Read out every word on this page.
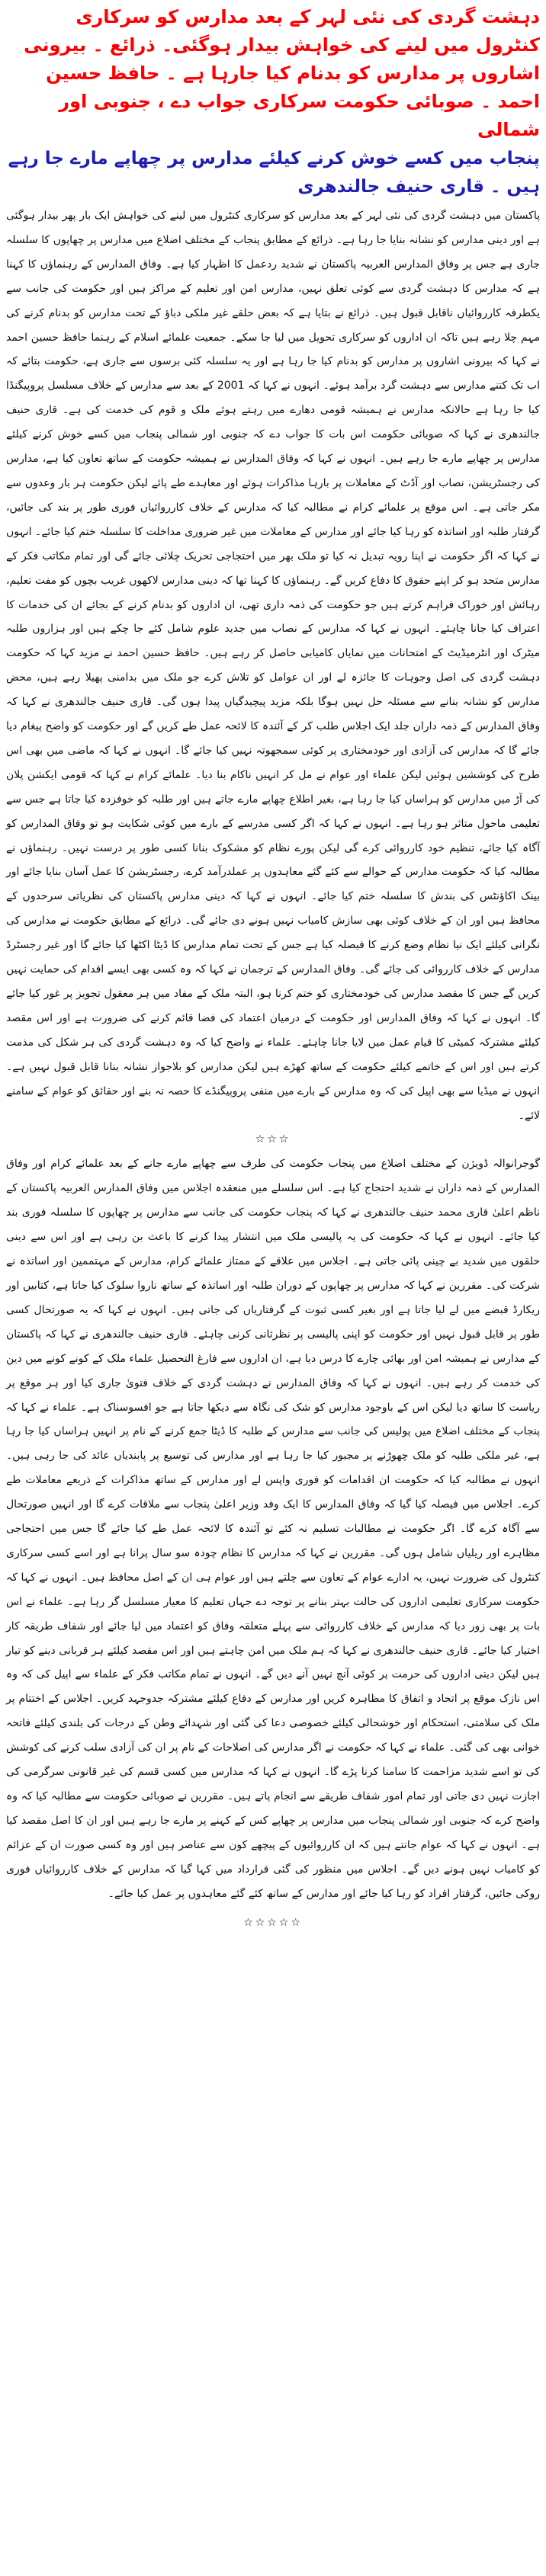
دہشت گردی کی نئی لہر کے بعد مدارس کو سرکاری کنٹرول میں لینے کی خواہش بیدار ہوگئی۔ ذرائع ۔ بیرونی
اشاروں پر مدارس کو بدنام کیا جارہا ہے ۔ حافظ حسین احمد ۔ صوبائی حکومت سرکاری جواب دے ، جنوبی اور شمالی
پنجاب میں کسے خوش کرنے کیلئے مدارس پر چھاپے مارے جا رہے ہیں ۔ قاری حنیف جالندھری

پاکستان میں دہشت گردی کی نئی لہر کے بعد مدارس کو سرکاری کنٹرول میں لینے کی خواہش ایک بار پھر بیدار ہوگئی ہے اور دینی مدارس کو نشانہ بنایا جا رہا ہے۔ ذرائع کے مطابق پنجاب کے مختلف اضلاع میں مدارس پر چھاپوں کا سلسلہ جاری ہے جس پر وفاق المدارس العربیہ پاکستان نے شدید ردعمل کا اظہار کیا ہے۔ وفاق المدارس کے رہنماؤں کا کہنا ہے کہ مدارس کا دہشت گردی سے کوئی تعلق نہیں، مدارس امن اور تعلیم کے مراکز ہیں اور حکومت کی جانب سے یکطرفہ کارروائیاں ناقابل قبول ہیں۔ ذرائع نے بتایا ہے کہ بعض حلقے غیر ملکی دباؤ کے تحت مدارس کو بدنام کرنے کی مہم چلا رہے ہیں تاکہ ان اداروں کو سرکاری تحویل میں لیا جا سکے۔ جمعیت علمائے اسلام کے رہنما حافظ حسین احمد نے کہا کہ بیرونی اشاروں پر مدارس کو بدنام کیا جا رہا ہے اور یہ سلسلہ کئی برسوں سے جاری ہے، حکومت بتائے کہ اب تک کتنے مدارس سے دہشت گرد برآمد ہوئے۔ انہوں نے کہا کہ 2001 کے بعد سے مدارس کے خلاف مسلسل پروپیگنڈا کیا جا رہا ہے حالانکہ مدارس نے ہمیشہ قومی دھارے میں رہتے ہوئے ملک و قوم کی خدمت کی ہے۔ قاری حنیف جالندھری نے کہا کہ صوبائی حکومت اس بات کا جواب دے کہ جنوبی اور شمالی پنجاب میں کسے خوش کرنے کیلئے مدارس پر چھاپے مارے جا رہے ہیں۔ انہوں نے کہا کہ وفاق المدارس نے ہمیشہ حکومت کے ساتھ تعاون کیا ہے، مدارس کی رجسٹریشن، نصاب اور آڈٹ کے معاملات پر بارہا مذاکرات ہوئے اور معاہدے طے پائے لیکن حکومت ہر بار وعدوں سے مکر جاتی ہے۔ اس موقع پر علمائے کرام نے مطالبہ کیا کہ مدارس کے خلاف کارروائیاں فوری طور پر بند کی جائیں، گرفتار طلبہ اور اساتذہ کو رہا کیا جائے اور مدارس کے معاملات میں غیر ضروری مداخلت کا سلسلہ ختم کیا جائے۔ انہوں نے کہا کہ اگر حکومت نے اپنا رویہ تبدیل نہ کیا تو ملک بھر میں احتجاجی تحریک چلائی جائے گی اور تمام مکاتب فکر کے مدارس متحد ہو کر اپنے حقوق کا دفاع کریں گے۔ رہنماؤں کا کہنا تھا کہ دینی مدارس لاکھوں غریب بچوں کو مفت تعلیم، رہائش اور خوراک فراہم کرتے ہیں جو حکومت کی ذمہ داری تھی، ان اداروں کو بدنام کرنے کے بجائے ان کی خدمات کا اعتراف کیا جانا چاہئے۔ انہوں نے کہا کہ مدارس کے نصاب میں جدید علوم شامل کئے جا چکے ہیں اور ہزاروں طلبہ میٹرک اور انٹرمیڈیٹ کے امتحانات میں نمایاں کامیابی حاصل کر رہے ہیں۔ حافظ حسین احمد نے مزید کہا کہ حکومت دہشت گردی کی اصل وجوہات کا جائزہ لے اور ان عوامل کو تلاش کرے جو ملک میں بدامنی پھیلا رہے ہیں، محض مدارس کو نشانہ بنانے سے مسئلہ حل نہیں ہوگا بلکہ مزید پیچیدگیاں پیدا ہوں گی۔ قاری حنیف جالندھری نے کہا کہ وفاق المدارس کے ذمہ داران جلد ایک اجلاس طلب کر کے آئندہ کا لائحہ عمل طے کریں گے اور حکومت کو واضح پیغام دیا جائے گا کہ مدارس کی آزادی اور خودمختاری پر کوئی سمجھوتہ نہیں کیا جائے گا۔ انہوں نے کہا کہ ماضی میں بھی اس طرح کی کوششیں ہوئیں لیکن علماء اور عوام نے مل کر انہیں ناکام بنا دیا۔ علمائے کرام نے کہا کہ قومی ایکشن پلان کی آڑ میں مدارس کو ہراساں کیا جا رہا ہے، بغیر اطلاع چھاپے مارے جاتے ہیں اور طلبہ کو خوفزدہ کیا جاتا ہے جس سے تعلیمی ماحول متاثر ہو رہا ہے۔ انہوں نے کہا کہ اگر کسی مدرسے کے بارے میں کوئی شکایت ہو تو وفاق المدارس کو آگاہ کیا جائے، تنظیم خود کارروائی کرے گی لیکن پورے نظام کو مشکوک بنانا کسی طور پر درست نہیں۔ رہنماؤں نے مطالبہ کیا کہ حکومت مدارس کے حوالے سے کئے گئے معاہدوں پر عملدرآمد کرے، رجسٹریشن کا عمل آسان بنایا جائے اور بینک اکاؤنٹس کی بندش کا سلسلہ ختم کیا جائے۔ انہوں نے کہا کہ دینی مدارس پاکستان کی نظریاتی سرحدوں کے محافظ ہیں اور ان کے خلاف کوئی بھی سازش کامیاب نہیں ہونے دی جائے گی۔ ذرائع کے مطابق حکومت نے مدارس کی نگرانی کیلئے ایک نیا نظام وضع کرنے کا فیصلہ کیا ہے جس کے تحت تمام مدارس کا ڈیٹا اکٹھا کیا جائے گا اور غیر رجسٹرڈ مدارس کے خلاف کارروائی کی جائے گی۔ وفاق المدارس کے ترجمان نے کہا کہ وہ کسی بھی ایسے اقدام کی حمایت نہیں کریں گے جس کا مقصد مدارس کی خودمختاری کو ختم کرنا ہو، البتہ ملک کے مفاد میں ہر معقول تجویز پر غور کیا جائے گا۔ انہوں نے کہا کہ وفاق المدارس اور حکومت کے درمیان اعتماد کی فضا قائم کرنے کی ضرورت ہے اور اس مقصد کیلئے مشترکہ کمیٹی کا قیام عمل میں لایا جانا چاہئے۔ علماء نے واضح کیا کہ وہ دہشت گردی کی ہر شکل کی مذمت کرتے ہیں اور اس کے خاتمے کیلئے حکومت کے ساتھ کھڑے ہیں لیکن مدارس کو بلاجواز نشانہ بنانا قابل قبول نہیں ہے۔ انہوں نے میڈیا سے بھی اپیل کی کہ وہ مدارس کے بارے میں منفی پروپیگنڈے کا حصہ نہ بنے اور حقائق کو عوام کے سامنے لائے۔

☆☆☆

گوجرانوالہ ڈویژن کے مختلف اضلاع میں پنجاب حکومت کی طرف سے چھاپے مارے جانے کے بعد علمائے کرام اور وفاق المدارس کے ذمہ داران نے شدید احتجاج کیا ہے۔ اس سلسلے میں منعقدہ اجلاس میں وفاق المدارس العربیہ پاکستان کے ناظم اعلیٰ قاری محمد حنیف جالندھری نے کہا کہ پنجاب حکومت کی جانب سے مدارس پر چھاپوں کا سلسلہ فوری بند کیا جائے۔ انہوں نے کہا کہ حکومت کی یہ پالیسی ملک میں انتشار پیدا کرنے کا باعث بن رہی ہے اور اس سے دینی حلقوں میں شدید بے چینی پائی جاتی ہے۔ اجلاس میں علاقے کے ممتاز علمائے کرام، مدارس کے مہتممین اور اساتذہ نے شرکت کی۔ مقررین نے کہا کہ مدارس پر چھاپوں کے دوران طلبہ اور اساتذہ کے ساتھ ناروا سلوک کیا جاتا ہے، کتابیں اور ریکارڈ قبضے میں لے لیا جاتا ہے اور بغیر کسی ثبوت کے گرفتاریاں کی جاتی ہیں۔ انہوں نے کہا کہ یہ صورتحال کسی طور پر قابل قبول نہیں اور حکومت کو اپنی پالیسی پر نظرثانی کرنی چاہئے۔ قاری حنیف جالندھری نے کہا کہ پاکستان کے مدارس نے ہمیشہ امن اور بھائی چارے کا درس دیا ہے، ان اداروں سے فارغ التحصیل علماء ملک کے کونے کونے میں دین کی خدمت کر رہے ہیں۔ انہوں نے کہا کہ وفاق المدارس نے دہشت گردی کے خلاف فتویٰ جاری کیا اور ہر موقع پر ریاست کا ساتھ دیا لیکن اس کے باوجود مدارس کو شک کی نگاہ سے دیکھا جاتا ہے جو افسوسناک ہے۔ علماء نے کہا کہ پنجاب کے مختلف اضلاع میں پولیس کی جانب سے مدارس کے طلبہ کا ڈیٹا جمع کرنے کے نام پر انہیں ہراساں کیا جا رہا ہے، غیر ملکی طلبہ کو ملک چھوڑنے پر مجبور کیا جا رہا ہے اور مدارس کی توسیع پر پابندیاں عائد کی جا رہی ہیں۔ انہوں نے مطالبہ کیا کہ حکومت ان اقدامات کو فوری واپس لے اور مدارس کے ساتھ مذاکرات کے ذریعے معاملات طے کرے۔ اجلاس میں فیصلہ کیا گیا کہ وفاق المدارس کا ایک وفد وزیر اعلیٰ پنجاب سے ملاقات کرے گا اور انہیں صورتحال سے آگاہ کرے گا۔ اگر حکومت نے مطالبات تسلیم نہ کئے تو آئندہ کا لائحہ عمل طے کیا جائے گا جس میں احتجاجی مظاہرے اور ریلیاں شامل ہوں گی۔ مقررین نے کہا کہ مدارس کا نظام چودہ سو سال پرانا ہے اور اسے کسی سرکاری کنٹرول کی ضرورت نہیں، یہ ادارے عوام کے تعاون سے چلتے ہیں اور عوام ہی ان کے اصل محافظ ہیں۔ انہوں نے کہا کہ حکومت سرکاری تعلیمی اداروں کی حالت بہتر بنانے پر توجہ دے جہاں تعلیم کا معیار مسلسل گر رہا ہے۔ علماء نے اس بات پر بھی زور دیا کہ مدارس کے خلاف کارروائی سے پہلے متعلقہ وفاق کو اعتماد میں لیا جائے اور شفاف طریقہ کار اختیار کیا جائے۔ قاری حنیف جالندھری نے کہا کہ ہم ملک میں امن چاہتے ہیں اور اس مقصد کیلئے ہر قربانی دینے کو تیار ہیں لیکن دینی اداروں کی حرمت پر کوئی آنچ نہیں آنے دیں گے۔ انہوں نے تمام مکاتب فکر کے علماء سے اپیل کی کہ وہ اس نازک موقع پر اتحاد و اتفاق کا مظاہرہ کریں اور مدارس کے دفاع کیلئے مشترکہ جدوجہد کریں۔ اجلاس کے اختتام پر ملک کی سلامتی، استحکام اور خوشحالی کیلئے خصوصی دعا کی گئی اور شہدائے وطن کے درجات کی بلندی کیلئے فاتحہ خوانی بھی کی گئی۔ علماء نے کہا کہ حکومت نے اگر مدارس کی اصلاحات کے نام پر ان کی آزادی سلب کرنے کی کوشش کی تو اسے شدید مزاحمت کا سامنا کرنا پڑے گا۔ انہوں نے کہا کہ مدارس میں کسی قسم کی غیر قانونی سرگرمی کی اجازت نہیں دی جاتی اور تمام امور شفاف طریقے سے انجام پاتے ہیں۔ مقررین نے صوبائی حکومت سے مطالبہ کیا کہ وہ واضح کرے کہ جنوبی اور شمالی پنجاب میں مدارس پر چھاپے کس کے کہنے پر مارے جا رہے ہیں اور ان کا اصل مقصد کیا ہے۔ انہوں نے کہا کہ عوام جانتے ہیں کہ ان کارروائیوں کے پیچھے کون سے عناصر ہیں اور وہ کسی صورت ان کے عزائم کو کامیاب نہیں ہونے دیں گے۔ اجلاس میں منظور کی گئی قرارداد میں کہا گیا کہ مدارس کے خلاف کارروائیاں فوری روکی جائیں، گرفتار افراد کو رہا کیا جائے اور مدارس کے ساتھ کئے گئے معاہدوں پر عمل کیا جائے۔

☆☆☆☆☆
